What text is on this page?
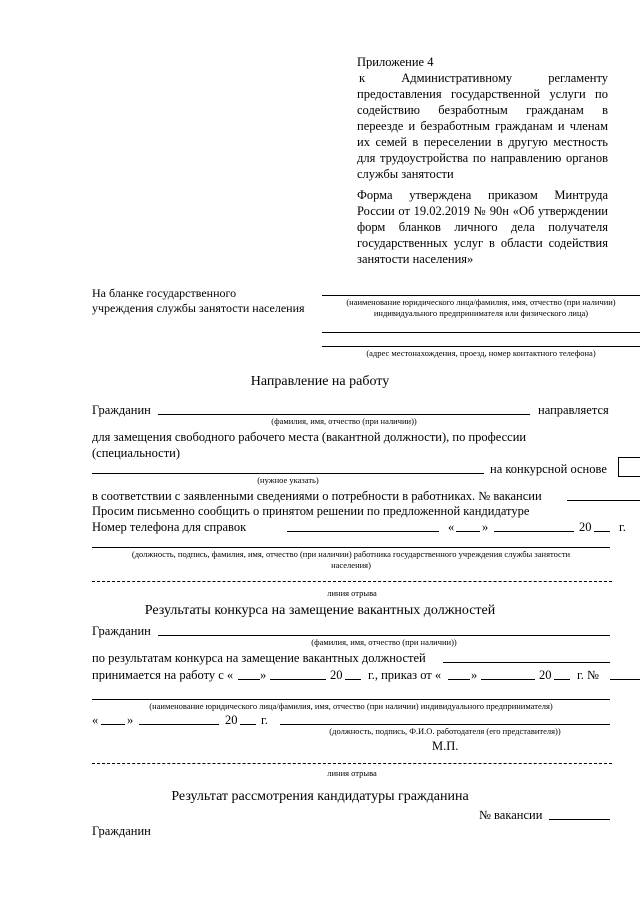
Приложение 4
к Административному регламенту
предоставления государственной услуги по
содействию безработным гражданам в
переезде и безработным гражданам и членам
их семей в переселении в другую местность
для трудоустройства по направлению органов
службы занятости
Форма утверждена приказом Минтруда
России от 19.02.2019 № 90н «Об утверждении
форм бланков личного дела получателя
государственных услуг в области содействия
занятости населения»
На бланке государственного
учреждения службы занятости населения	(наименование юридического лица/фамилия, имя, отчество (при наличии)
индивидуального предпринимателя или физического лица)
(адрес местонахождения, проезд, номер контактного телефона)
Направление на работу
Гражданин	направляется
(фамилия, имя, отчество (при наличии))
для замещения свободного рабочего места (вакантной должности), по профессии
(специальности)
на конкурсной основе
(нужное указать)
в соответствии с заявленными сведениями о потребности в работниках. № вакансии
Просим письменно сообщить о принятом решении по предложенной кандидатуре
Номер телефона для справок	« »	20 г.
(должность, подпись, фамилия, имя, отчество (при наличии) работника государственного учреждения службы занятости
населения)
линия отрыва
Результаты конкурса на замещение вакантных должностей
Гражданин
(фамилия, имя, отчество (при наличии))
по результатам конкурса на замещение вакантных должностей
принимается на работу с « »	20 г., приказ от « »	20 г. №
(наименование юридического лица/фамилия, имя, отчество (при наличии) индивидуального предпринимателя)
« »	20 г.
(должность, подпись, Ф.И.О. работодателя (его представителя))
М.П.
линия отрыва
Результат рассмотрения кандидатуры гражданина
№ вакансии
Гражданин
